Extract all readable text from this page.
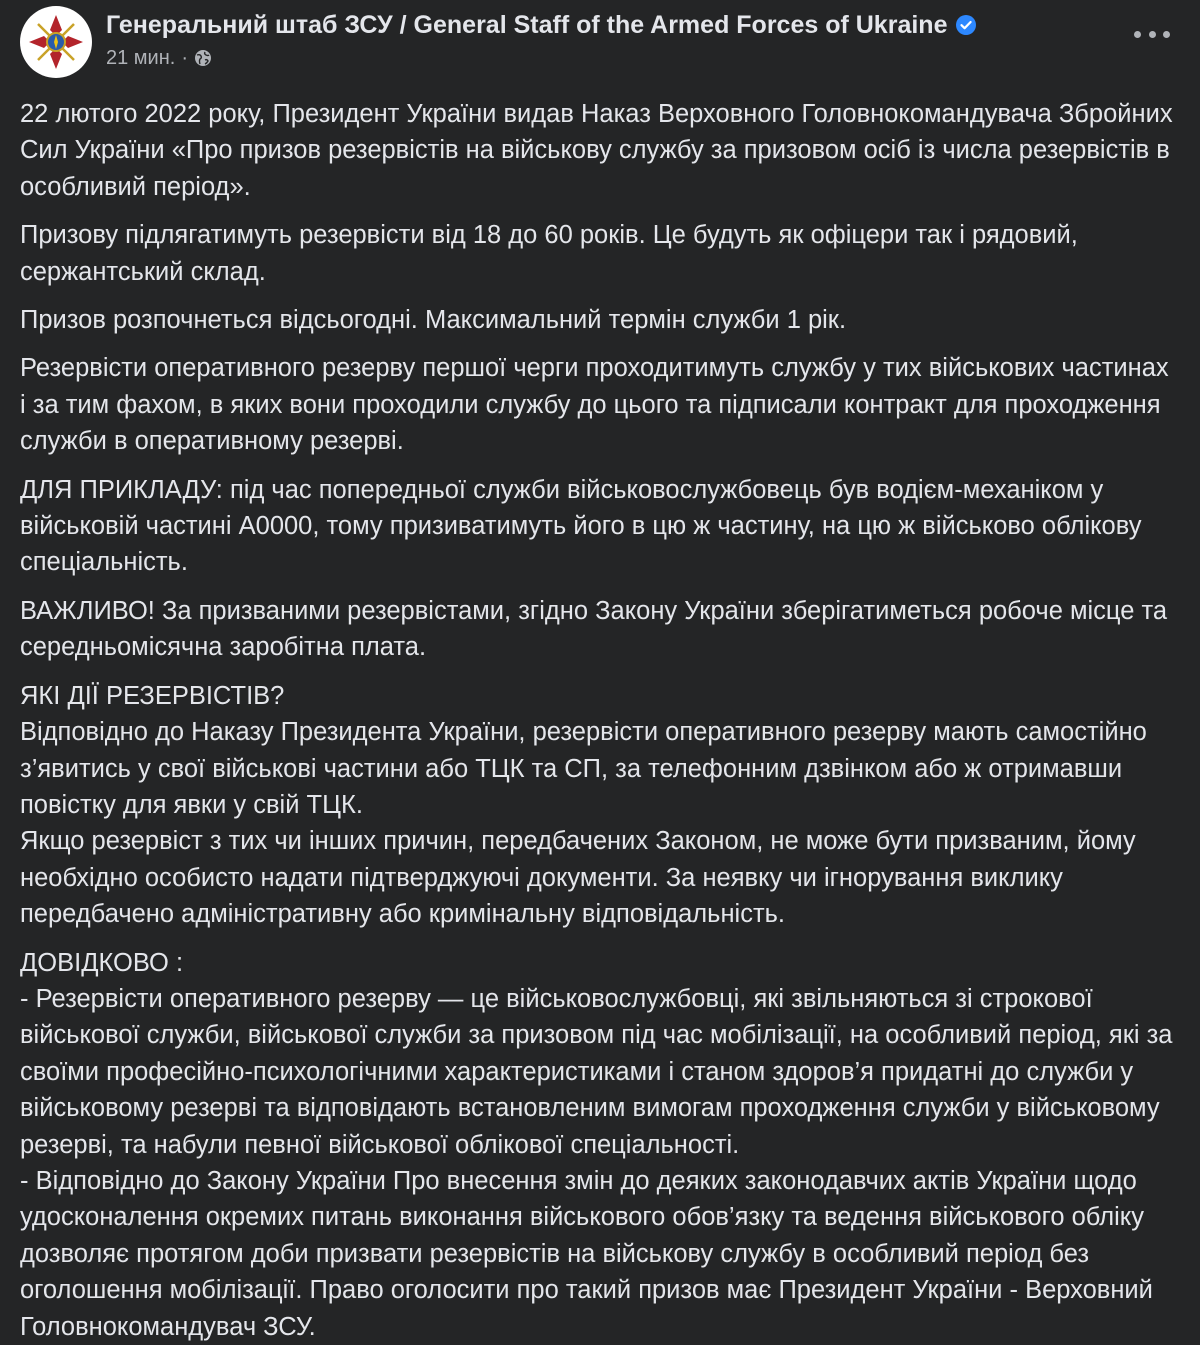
Генеральний штаб ЗСУ / General Staff of the Armed Forces of Ukraine
21 мин. ·

22 лютого 2022 року, Президент України видав Наказ Верховного Головнокомандувача Збройних Сил України «Про призов резервістів на військову службу за призовом осіб із числа резервістів в особливий період».

Призову підлягатимуть резервісти від 18 до 60 років. Це будуть як офіцери так і рядовий, сержантський склад.

Призов розпочнеться відсьогодні. Максимальний термін служби 1 рік.

Резервісти оперативного резерву першої черги проходитимуть службу у тих військових частинах і за тим фахом, в яких вони проходили службу до цього та підписали контракт для проходження служби в оперативному резерві.

ДЛЯ ПРИКЛАДУ: під час попередньої служби військовослужбовець був водієм-механіком у військовій частині А0000, тому призиватимуть його в цю ж частину, на цю ж військово облікову спеціальність.

ВАЖЛИВО! За призваними резервістами, згідно Закону України зберігатиметься робоче місце та середньомісячна заробітна плата.

ЯКІ ДІЇ РЕЗЕРВІСТІВ?

Відповідно до Наказу Президента України, резервісти оперативного резерву мають самостійно з’явитись у свої військові частини або ТЦК та СП, за телефонним дзвінком або ж отримавши повістку для явки у свій ТЦК.

Якщо резервіст з тих чи інших причин, передбачених Законом, не може бути призваним, йому необхідно особисто надати підтверджуючі документи. За неявку чи ігнорування виклику передбачено адміністративну або кримінальну відповідальність.

ДОВІДКОВО :

- Резервісти оперативного резерву — це військовослужбовці, які звільняються зі строкової військової служби, військової служби за призовом під час мобілізації, на особливий період, які за своїми професійно-психологічними характеристиками і станом здоров’я придатні до служби у військовому резерві та відповідають встановленим вимогам проходження служби у військовому резерві, та набули певної військової облікової спеціальності.

- Відповідно до Закону України Про внесення змін до деяких законодавчих актів України щодо удосконалення окремих питань виконання військового обов’язку та ведення військового обліку дозволяє протягом доби призвати резервістів на військову службу в особливий період без оголошення мобілізації. Право оголосити про такий призов має Президент України - Верховний Головнокомандувач ЗСУ.
